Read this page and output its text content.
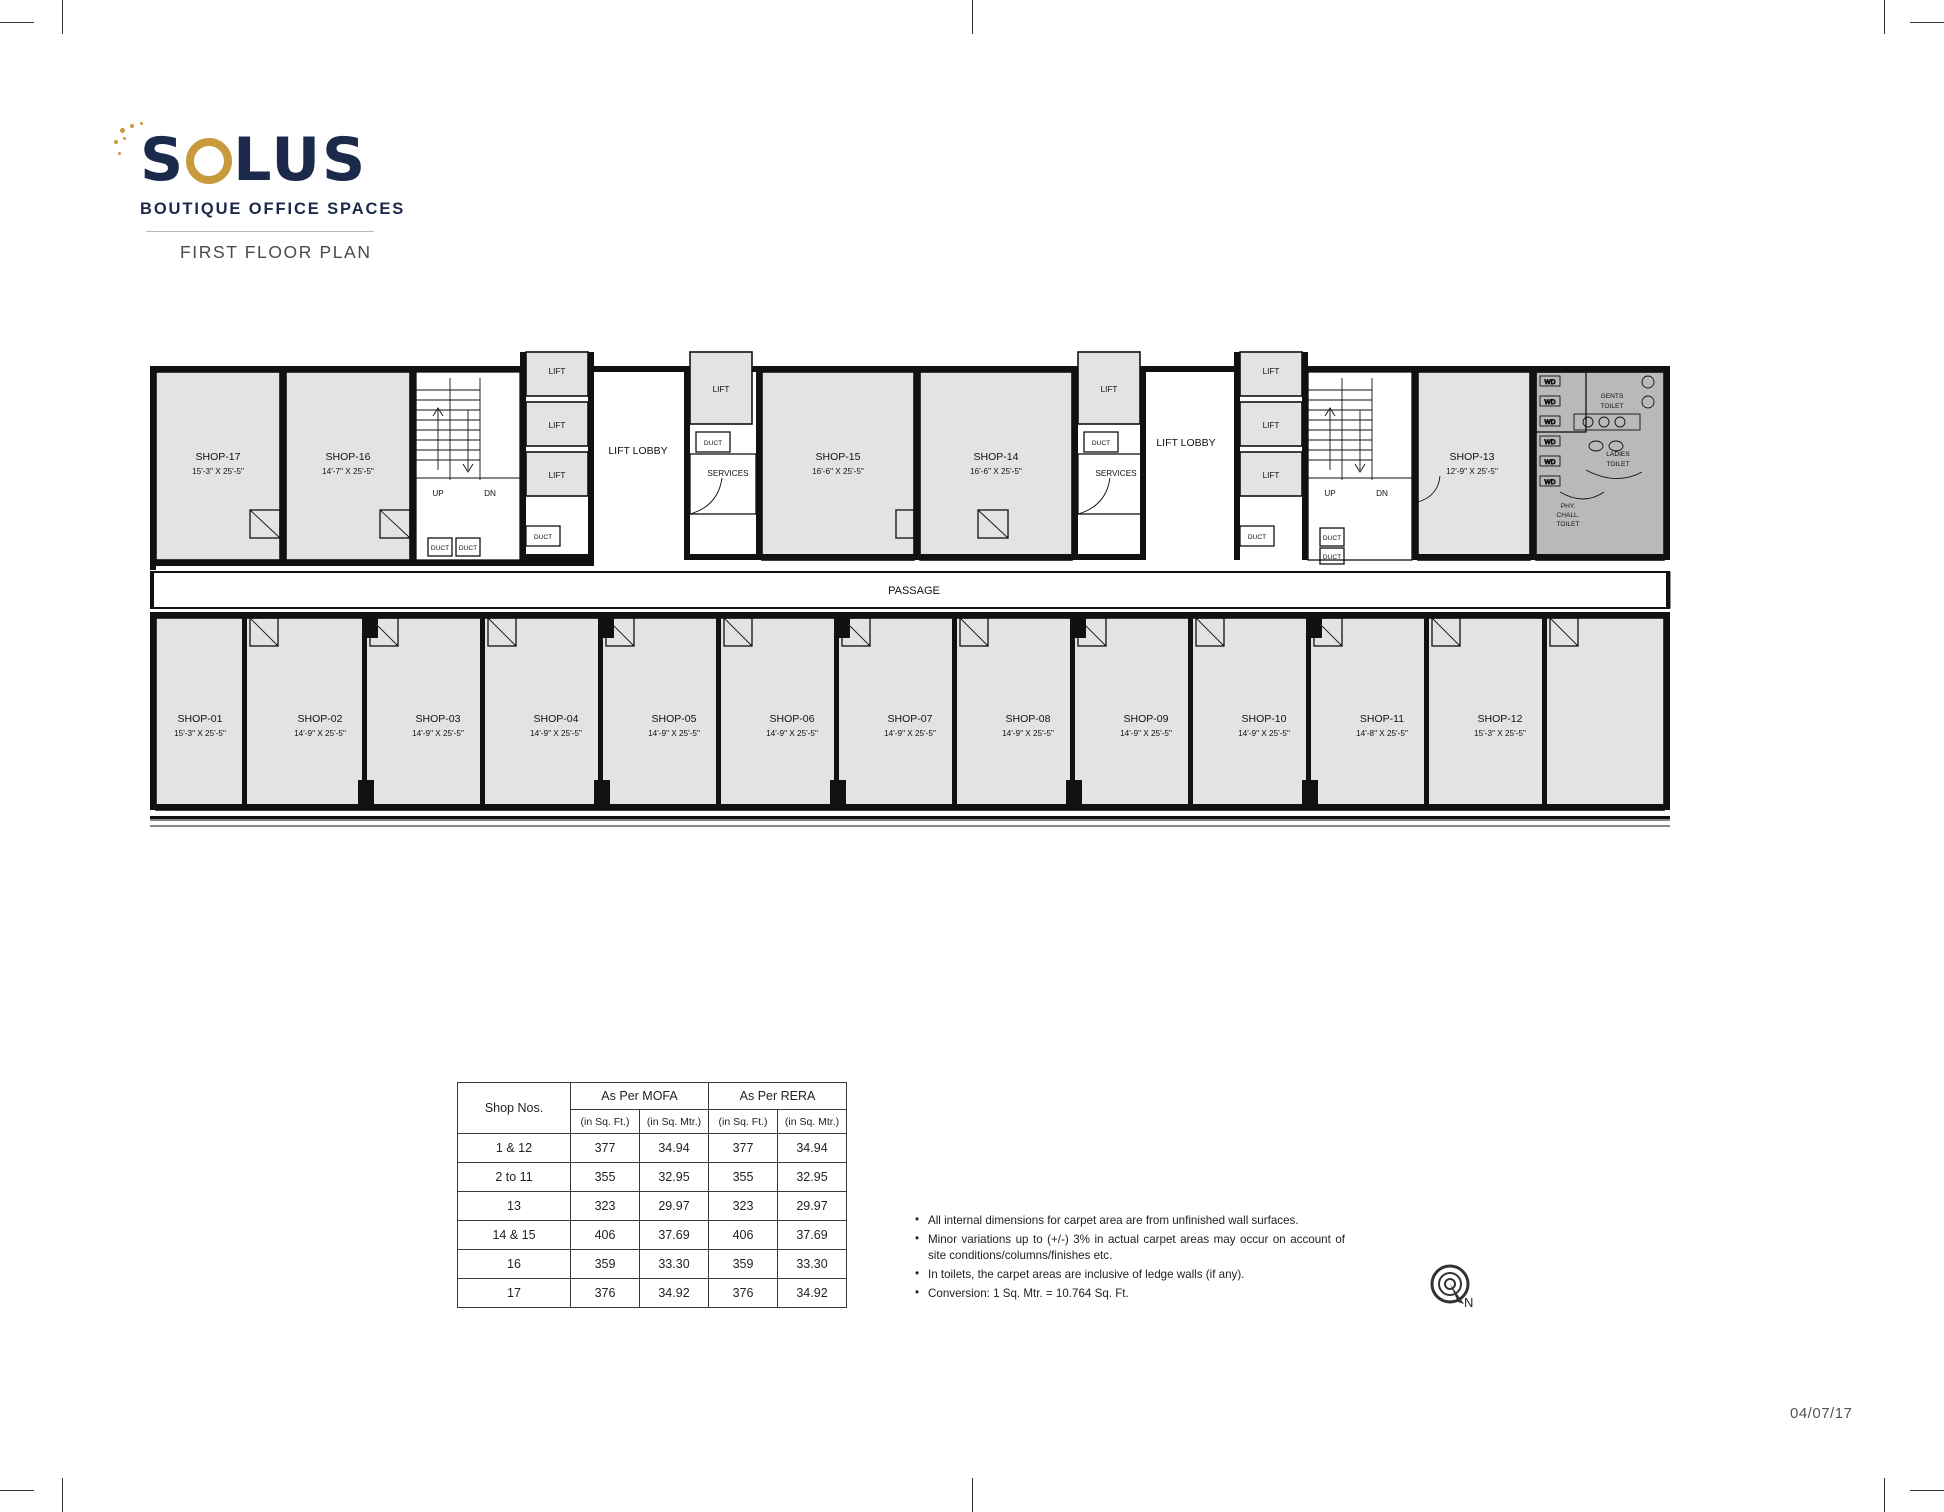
S LUS
BOUTIQUE OFFICE SPACES
FIRST FLOOR PLAN
UP	DN
DUCT DUCT
LIFT
LIFT
LIFT
DUCT
LIFT LOBBY
LIFT
DUCT
SERVICES
LIFT
DUCT
SERVICES
LIFT LOBBY
LIFT
LIFT
LIFT
DUCT
UP	DN
DUCT
DUCT
GENTS
TOILET
LADIES
TOILET
PHY.
CHALL.
TOILET
WD
WD
WD
WD
WD
WD
SHOP-17
15'-3" X 25'-5"
SHOP-16
14'-7" X 25'-5"
SHOP-15
16'-6" X 25'-5"
SHOP-14
16'-6" X 25'-5"
SHOP-13
12'-9" X 25'-5"
PASSAGE
SHOP-01
15'-3" X 25'-5"
SHOP-02
14'-9" X 25'-5"
SHOP-03
14'-9" X 25'-5"
SHOP-04
14'-9" X 25'-5"
SHOP-05
14'-9" X 25'-5"
SHOP-06
14'-9" X 25'-5"
SHOP-07
14'-9" X 25'-5"
SHOP-08
14'-9" X 25'-5"
SHOP-09
14'-9" X 25'-5"
SHOP-10
14'-9" X 25'-5"
SHOP-11
14'-8" X 25'-5"
SHOP-12
15'-3" X 25'-5"
Shop Nos.	As Per MOFA		As Per RERA	
	(in Sq. Ft.)	(in Sq. Mtr.)	(in Sq. Ft.)	(in Sq. Mtr.)
1 & 12	377	34.94	377	34.94
2 to 11	355	32.95	355	32.95
13	323	29.97	323	29.97
14 & 15	406	37.69	406	37.69
16	359	33.30	359	33.30
17	376	34.92	376	34.92
• All internal dimensions for carpet area are from unfinished wall surfaces.
• Minor variations up to (+/-) 3% in actual carpet areas may occur on account of site conditions/columns/finishes etc.
• In toilets, the carpet areas are inclusive of ledge walls (if any).
• Conversion: 1 Sq. Mtr. = 10.764 Sq. Ft.
N
04/07/17
